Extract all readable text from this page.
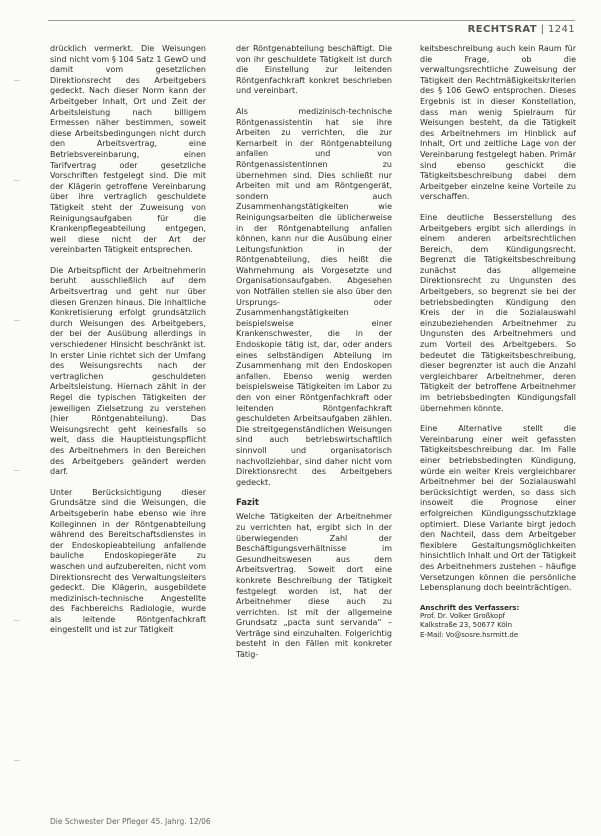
RECHTSRAT | 1241

drücklich vermerkt. Die Weisungen sind nicht vom § 104 Satz 1 GewO und damit vom gesetzlichen Direktionsrecht des Arbeitgebers gedeckt. Nach dieser Norm kann der Arbeitgeber Inhalt, Ort und Zeit der Arbeitsleistung nach billigem Ermessen näher bestimmen, soweit diese Arbeitsbedingungen nicht durch den Arbeitsvertrag, eine Betriebsvereinbarung, einen Tarifvertrag oder gesetzliche Vorschriften festgelegt sind. Die mit der Klägerin getroffene Vereinbarung über ihre vertraglich geschuldete Tätigkeit steht der Zuweisung von Reinigungsaufgaben für die Krankenpflegeabteilung entgegen, weil diese nicht der Art der vereinbarten Tätigkeit entsprechen.

Die Arbeitspflicht der Arbeitnehmerin beruht ausschließlich auf dem Arbeitsvertrag und geht nur über diesen Grenzen hinaus. Die inhaltliche Konkretisierung erfolgt grundsätzlich durch Weisungen des Arbeitgebers, der bei der Ausübung allerdings in verschiedener Hinsicht beschränkt ist. In erster Linie richtet sich der Umfang des Weisungsrechts nach der vertraglichen geschuldeten Arbeitsleistung. Hiernach zählt in der Regel die typischen Tätigkeiten der jeweiligen Zielsetzung zu verstehen (hier Röntgenabteilung). Das Weisungsrecht geht keinesfalls so weit, dass die Hauptleistungspflicht des Arbeitnehmers in den Bereichen des Arbeitgebers geändert werden darf.

Unter Berücksichtigung dieser Grundsätze sind die Weisungen, die Arbeitsgeberin habe ebenso wie ihre Kolleginnen in der Röntgenabteilung während des Bereitschaftsdienstes in der Endoskopieabteilung anfallende bauliche Endoskopiegeräte zu waschen und aufzubereiten, nicht vom Direktionsrecht des Verwaltungsleiters gedeckt. Die Klägerin, ausgebildete medizinisch-technische Angestellte des Fachbereichs Radiologie, wurde als leitende Röntgenfachkraft eingestellt und ist zur Tätigkeit

der Röntgenabteilung beschäftigt. Die von ihr geschuldete Tätigkeit ist durch die Einstellung zur leitenden Röntgenfachkraft konkret beschrieben und vereinbart.

Als medizinisch-technische Röntgenassistentin hat sie ihre Arbeiten zu verrichten, die zur Kernarbeit in der Röntgenabteilung anfallen und von Röntgenassistentinnen zu übernehmen sind. Dies schließt nur Arbeiten mit und am Röntgengerät, sondern auch Zusammenhangstätigkeiten wie Reinigungsarbeiten die üblicherweise in der Röntgenabteilung anfallen können, kann nur die Ausübung einer Leitungsfunktion in der Röntgenabteilung, dies heißt die Wahrnehmung als Vorgesetzte und Organisationsaufgaben. Abgesehen von Notfällen stellen sie also über den Ursprungs- oder Zusammenhangstätigkeiten beispielsweise einer Krankenschwester, die in der Endoskopie tätig ist, dar, oder anders eines selbständigen Abteilung im Zusammenhang mit den Endoskopen anfallen. Ebenso wenig werden beispielsweise Tätigkeiten im Labor zu den von einer Röntgenfachkraft oder leitenden Röntgenfachkraft geschuldeten Arbeitsaufgaben zählen. Die streitgegenständlichen Weisungen sind auch betriebswirtschaftlich sinnvoll und organisatorisch nachvollziehbar, sind daher nicht vom Direktionsrecht des Arbeitgebers gedeckt.

Fazit

Welche Tätigkeiten der Arbeitnehmer zu verrichten hat, ergibt sich in der überwiegenden Zahl der Beschäftigungsverhältnisse im Gesundheitswesen aus dem Arbeitsvertrag. Soweit dort eine konkrete Beschreibung der Tätigkeit festgelegt worden ist, hat der Arbeitnehmer diese auch zu verrichten. Ist mit der allgemeine Grundsatz „pacta sunt servanda“ – Verträge sind einzuhalten. Folgerichtig besteht in den Fällen mit konkreter Tätig-

keitsbeschreibung auch kein Raum für die Frage, ob die verwaltungsrechtliche Zuweisung der Tätigkeit den Rechtmäßigkeitskriterien des § 106 GewO entsprochen. Dieses Ergebnis ist in dieser Konstellation, dass man wenig Spielraum für Weisungen besteht, da die Tätigkeit des Arbeitnehmers im Hinblick auf Inhalt, Ort und zeitliche Lage von der Vereinbarung festgelegt haben. Primär sind ebenso geschickt die Tätigkeitsbeschreibung dabei dem Arbeitgeber einzelne keine Vorteile zu verschaffen.

Eine deutliche Besserstellung des Arbeitgebers ergibt sich allerdings in einem anderen arbeitsrechtlichen Bereich, dem Kündigungsrecht. Begrenzt die Tätigkeitsbeschreibung zunächst das allgemeine Direktionsrecht zu Ungunsten des Arbeitgebers, so begrenzt sie bei der betriebsbedingten Kündigung den Kreis der in die Sozialauswahl einzubeziehenden Arbeitnehmer zu Ungunsten des Arbeitnehmers und zum Vorteil des Arbeitgebers. So bedeutet die Tätigkeitsbeschreibung, dieser begrenzter ist auch die Anzahl vergleichbarer Arbeitnehmer, deren Tätigkeit der betroffene Arbeitnehmer im betriebsbedingten Kündigungsfall übernehmen könnte.

Eine Alternative stellt die Vereinbarung einer weit gefassten Tätigkeitsbeschreibung dar. Im Falle einer betriebsbedingten Kündigung, würde ein weiter Kreis vergleichbarer Arbeitnehmer bei der Sozialauswahl berücksichtigt werden, so dass sich insoweit die Prognose einer erfolgreichen Kündigungsschutzklage optimiert. Diese Variante birgt jedoch den Nachteil, dass dem Arbeitgeber flexiblere Gestaltungsmöglichkeiten hinsichtlich Inhalt und Ort der Tätigkeit des Arbeitnehmers zustehen – häufige Versetzungen können die persönliche Lebensplanung doch beeinträchtigen.

Anschrift des Verfassers:
Prof. Dr. Volker Großkopf
Kalkstraße 23, 50677 Köln
E-Mail: Vo@sosre.hsrmitt.de
Die Schwester Der Pfleger 45. Jahrg. 12/06
